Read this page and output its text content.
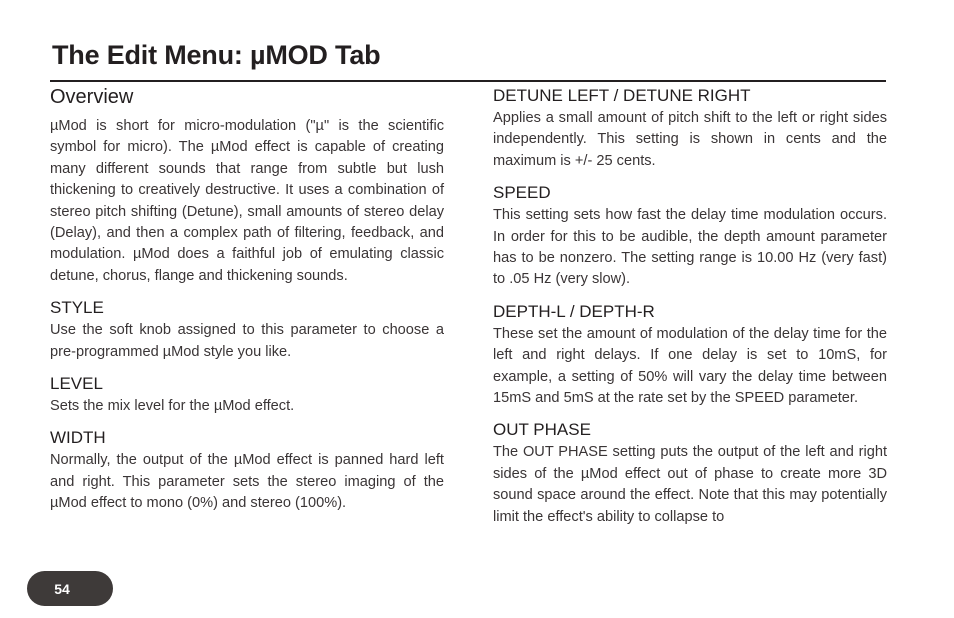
The Edit Menu: µMOD Tab
Overview

µMod is short for micro-modulation ("µ" is the scientific symbol for micro). The µMod effect is capable of creating many different sounds that range from subtle but lush thickening to creatively destructive. It uses a combination of stereo pitch shifting (Detune), small amounts of stereo delay (Delay), and then a complex path of filtering, feedback, and modulation. µMod does a faithful job of emulating classic detune, chorus, flange and thickening sounds.

STYLE

Use the soft knob assigned to this parameter to choose a pre-programmed µMod style you like.

LEVEL

Sets the mix level for the µMod effect.

WIDTH

Normally, the output of the µMod effect is panned hard left and right. This parameter sets the stereo imaging of the µMod effect to mono (0%) and stereo (100%).

DETUNE LEFT / DETUNE RIGHT

Applies a small amount of pitch shift to the left or right sides independently. This setting is shown in cents and the maximum is +/- 25 cents.

SPEED

This setting sets how fast the delay time modulation occurs. In order for this to be audible, the depth amount parameter has to be nonzero. The setting range is 10.00 Hz (very fast) to .05 Hz (very slow).

DEPTH-L / DEPTH-R

These set the amount of modulation of the delay time for the left and right delays. If one delay is set to 10mS, for example, a setting of 50% will vary the delay time between 15mS and 5mS at the rate set by the SPEED parameter.

OUT PHASE

The OUT PHASE setting puts the output of the left and right sides of the µMod effect out of phase to create more 3D sound space around the effect. Note that this may potentially limit the effect's ability to collapse to

54
